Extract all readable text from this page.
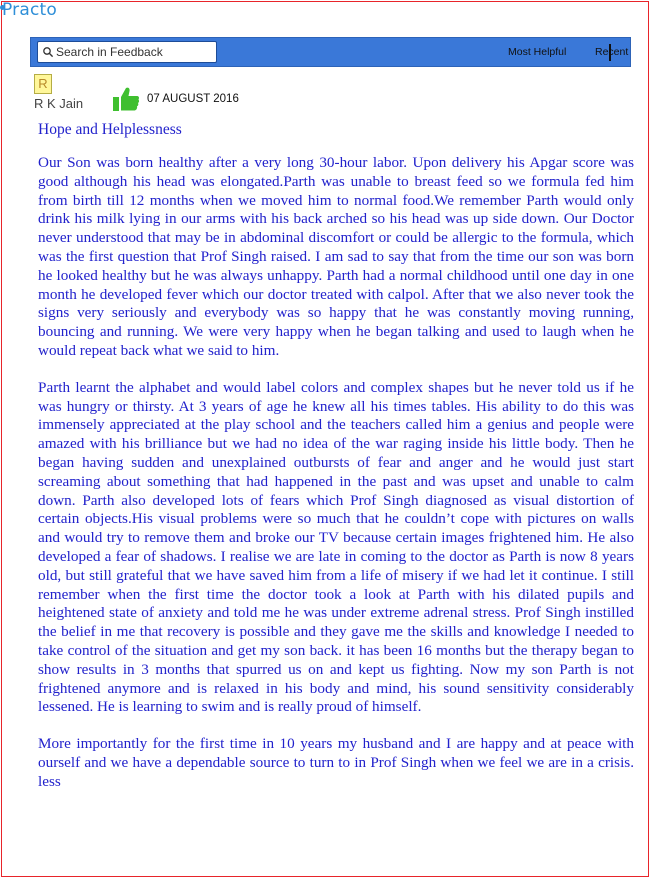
Practo
Search in Feedback
Most Helpful	Recent
R
R K Jain	07 AUGUST 2016
Hope and Helplessness

Our Son was born healthy after a very long 30-hour labor. Upon delivery his Apgar score was good although his head was elongated.Parth was unable to breast feed so we formula fed him from birth till 12 months when we moved him to normal food.We remember Parth would only drink his milk lying in our arms with his back arched so his head was up side down. Our Doctor never understood that may be in abdominal discomfort or could be allergic to the formula, which was the first question that Prof Singh raised. I am sad to say that from the time our son was born he looked healthy but he was always unhappy. Parth had a normal childhood until one day in one month he developed fever which our doctor treated with calpol. After that we also never took the signs very seriously and everybody was so happy that he was constantly moving running, bouncing and running. We were very happy when he began talking and used to laugh when he would repeat back what we said to him.

Parth learnt the alphabet and would label colors and complex shapes but he never told us if he was hungry or thirsty. At 3 years of age he knew all his times tables. His ability to do this was immensely appreciated at the play school and the teachers called him a genius and people were amazed with his brilliance but we had no idea of the war raging inside his little body. Then he began having sudden and unexplained outbursts of fear and anger and he would just start screaming about something that had happened in the past and was upset and unable to calm down. Parth also developed lots of fears which Prof Singh diagnosed as visual distortion of certain objects.His visual problems were so much that he couldn’t cope with pictures on walls and would try to remove them and broke our TV because certain images frightened him. He also developed a fear of shadows. I realise we are late in coming to the doctor as Parth is now 8 years old, but still grateful that we have saved him from a life of misery if we had let it continue. I still remember when the first time the doctor took a look at Parth with his dilated pupils and heightened state of anxiety and told me he was under extreme adrenal stress. Prof Singh instilled the belief in me that recovery is possible and they gave me the skills and knowledge I needed to take control of the situation and get my son back. it has been 16 months but the therapy began to show results in 3 months that spurred us on and kept us fighting. Now my son Parth is not frightened anymore and is relaxed in his body and mind, his sound sensitivity considerably lessened. He is learning to swim and is really proud of himself.

More importantly for the first time in 10 years my husband and I are happy and at peace with ourself and we have a dependable source to turn to in Prof Singh when we feel we are in a crisis. less
